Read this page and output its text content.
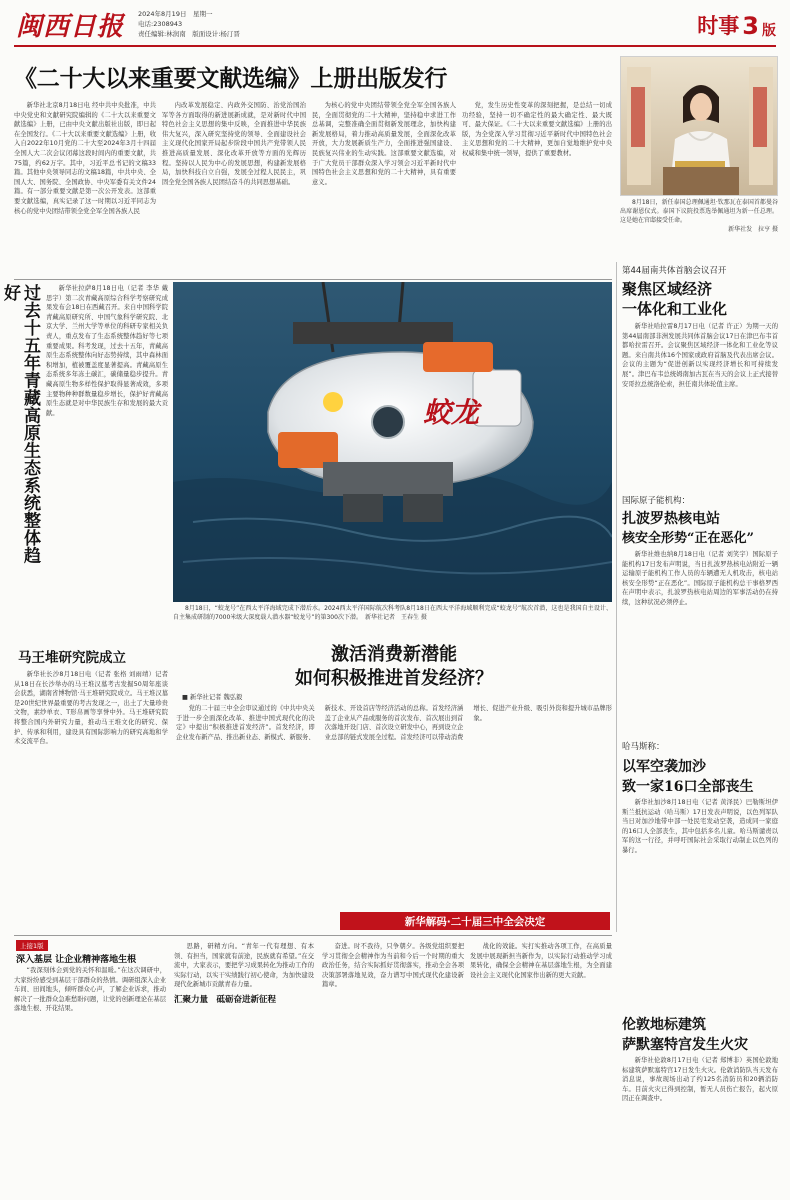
闽西日报 2024年8月19日　星期一
电话:2308943
责任编辑:林润南　版面设计:杨汀晋	时事 3 版
《二十大以来重要文献选编》上册出版发行

新华社北京8月18日电 经中共中央批准，中共中央党史和文献研究院编辑的《二十大以来重要文献选编》上册，已由中央文献出版社出版，即日起在全国发行。《二十大以来重要文献选编》上册，收入自2022年10月党的二十大至2024年3月十四届全国人大二次会议闭幕这段时间内的重要文献，共75篇，约62万字。其中，习近平总书记的文稿33篇。其他中央领导同志的文稿18篇，中共中央、全国人大、国务院、全国政协、中央军委有关文件24篇。有一部分重要文献是第一次公开发表。这部重要文献选编，真实记录了这一时期以习近平同志为核心的党中央团结带领全党全军全国各族人民

内改革发展稳定、内政外交国防、治党治国治军等各方面取得的新进展新成就，是对新时代中国特色社会主义思想的集中反映，全面推进中华民族伟大复兴，深入研究坚持党的领导、全面建设社会主义现代化国家开局起步阶段中国共产党带领人民推进高质量发展、深化改革开放等方面的光辉历程。坚持以人民为中心的发展思想，构建新发展格局，加快科技自立自强，发展全过程人民民主，巩固全党全国各族人民团结奋斗的共同思想基础。

为核心的党中央团结带领全党全军全国各族人民，全面贯彻党的二十大精神，坚持稳中求进工作总基调，完整准确全面贯彻新发展理念，加快构建新发展格局，着力推动高质量发展，全面深化改革开放，大力发展新质生产力，全面推进强国建设、民族复兴伟业的生动实践。这部重要文献选编，对于广大党员干部群众深入学习领会习近平新时代中国特色社会主义思想和党的二十大精神，具有重要意义。

党，发生历史性变革的深刻把握，是总结一切成功经验，坚持一切不确定性的最大确定性、最大既可、最大保证。《二十大以来重要文献选编》上册的出版，为全党深入学习贯彻习近平新时代中国特色社会主义思想和党的二十大精神，更加自觉地维护党中央权威和集中统一领导，提供了重要教材。

8月18日，新任泰国总理佩通坦·钦那瓦在泰国首都曼谷出席谢恩仪式。泰国下议院投票选举佩通坦为新一任总理。这是她在官邸接受任命。

新华社发　拉亨 摄
过去十五年青藏高原生态系统整体趋好	新华社拉萨8月18日电（记者 李华 戴思宇）第二次青藏高原综合科学考察研究成果发布会18日在西藏召开。来自中国科学院青藏高原研究所、中国气象科学研究院、北京大学、兰州大学等单位的科研专家相关负责人，重点发布了生态系统整体趋好等七项重要成果。科考发现，过去十五年，青藏高原生态系统整体向好态势持续，其中森林面积增加，植被覆盖度显著提高。青藏高原生态系统多年冻土碳汇，碳储量稳步提升。青藏高原生物多样性保护取得显著成效，多项主要物种种群数量稳步增长，保护好青藏高原生态就是对中华民族生存和发展的最大贡献。	蛟龙

8月18日，“蛟龙号”在西太平洋海域完成下潜后水。2024西太平洋国际航次科考队8月18日在西太平洋海域顺利完成“蛟龙号”航次首潜，这也是我国自主设计、自主集成研制的7000米级大深度载人潜水器“蛟龙号”的第300次下潜。　 新华社记者　王春生 摄

马王堆研究院成立

新华社长沙8月18日电（记者 张格 刘雨靖）记者从18日在长沙举办的马王堆汉墓考古发掘50周年座谈会获悉，湖南省博物馆·马王堆研究院成立。马王堆汉墓是20世纪世界最重要的考古发现之一，出土了大量珍贵文物，素纱单衣、T形帛画等享誉中外。马王堆研究院将整合国内外研究力量，推动马王堆文化的研究、保护、传承和利用，建设具有国际影响力的研究高地和学术交流平台。

激活消费新潜能
如何积极推进首发经济？
■ 新华社记者 魏弘毅

党的二十届三中全会审议通过的《中共中央关于进一步全面深化改革、推进中国式现代化的决定》中提出“积极推进首发经济”。首发经济，即企业发布新产品、推出新业态、新模式、新服务、新技术、开设首店等经济活动的总称。首发经济涵盖了企业从产品或服务的首次发布、首次展出到首次落地开设门店、首次设立研发中心，再到设立企业总部的链式发展全过程。首发经济可以带动消费增长、促进产业升级、吸引外资和提升城市品牌形象。

新华解码·二十届三中全会决定
第44届南共体首脑会议召开
聚焦区域经济
一体化和工业化

新华社哈拉雷8月17日电（记者 许正）为期一天的第44届南部非洲发展共同体首脑会议17日在津巴布韦首都哈拉雷召开。会议聚焦区域经济一体化和工业化等议题。来自南共体16个国家或政府首脑及代表出席会议。会议的主题为“促进创新以实现经济增长和可持续发展”。津巴布韦总统姆南加古瓦在当天的会议上正式接替安哥拉总统洛伦索，担任南共体轮值主席。

国际原子能机构：
扎波罗热核电站
核安全形势“正在恶化”

新华社维也纳8月18日电（记者 刘笑宇）国际原子能机构17日发布声明说，当日扎波罗热核电站附近一辆运输原子能机构工作人员的车辆遭无人机攻击，核电站核安全形势“正在恶化”。国际原子能机构总干事格罗西在声明中表示，扎波罗热核电站周边的军事活动仍在持续，这种状况必须停止。

哈马斯称：
以军空袭加沙
致一家16口全部丧生

新华社加沙8月18日电（记者 黄泽民）巴勒斯坦伊斯兰抵抗运动（哈马斯）17日发表声明说，以色列军队当日对加沙地带中部一处民宅发动空袭，造成同一家庭的16口人全部丧生，其中包括多名儿童。哈马斯谴责以军的这一行径，并呼吁国际社会采取行动制止以色列的暴行。

伦敦地标建筑
萨默塞特宫发生火灾

新华社伦敦8月17日电（记者 郑博非）英国伦敦地标建筑萨默塞特宫17日发生火灾。伦敦消防队当天发布消息说，事故现场出动了约125名消防员和20辆消防车。目前火灾已得到控制，暂无人员伤亡报告，起火原因正在调查中。

上接1版
深入基层 让企业精神落地生根

“我深刻体会到党的关怀和温暖。”在这次调研中，大家纷纷感受到基层干部群众的热情。调研组深入企业车间、田间地头，倾听群众心声，了解企业诉求，推动解决了一批群众急难愁盼问题，让党的创新理论在基层落地生根、开花结果。

思路，研精方向。“青年一代有理想、有本领、有担当，国家就有前途，民族就有希望。”在交流中，大家表示，要把学习成果转化为推动工作的实际行动，以实干实绩践行初心使命，为加快建设现代化新城市贡献青春力量。

汇聚力量　砥砺奋进新征程

奋进。时不我待，只争朝夕。各级党组织要把学习贯彻全会精神作为当前和今后一个时期的重大政治任务，结合实际抓好贯彻落实，推动全会各项决策部署落地见效，奋力谱写中国式现代化建设新篇章。

战化的效能。实打实推动各项工作，在高质量发展中展现新担当新作为，以实际行动推动学习成果转化，确保全会精神在基层落地生根，为全面建设社会主义现代化国家作出新的更大贡献。
